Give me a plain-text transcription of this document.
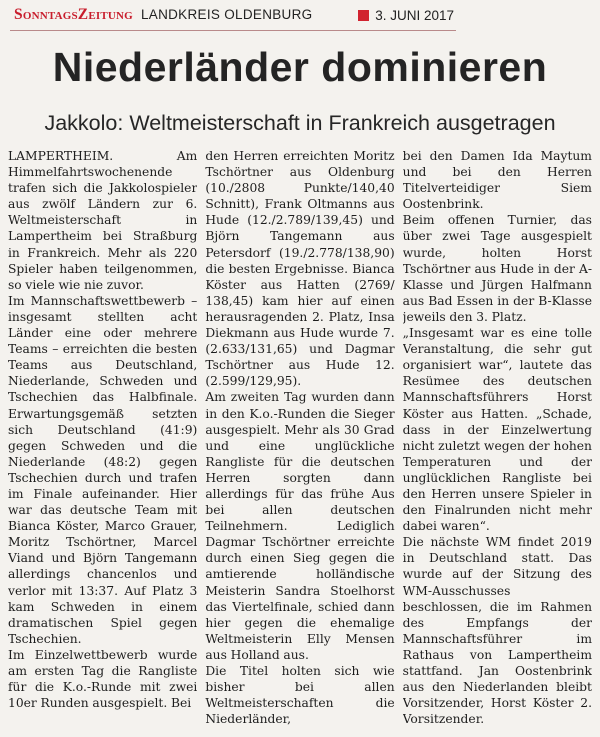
SonntagsZeitung LANDKREIS OLDENBURG	3. JUNI 2017
Niederländer dominieren
Jakkolo: Weltmeisterschaft in Frankreich ausgetragen

LAMPERTHEIM. Am Himmelfahrtswochenende trafen sich die Jakkolospieler aus zwölf Ländern zur 6. Weltmeisterschaft in Lampertheim bei Straßburg in Frankreich. Mehr als 220 Spieler haben teilgenommen, so viele wie nie zuvor.

Im Mannschaftswettbewerb – insgesamt stellten acht Länder eine oder mehrere Teams – erreichten die besten Teams aus Deutschland, Niederlande, Schweden und Tschechien das Halbfinale. Erwartungsgemäß setzten sich Deutschland (41:9) gegen Schweden und die Niederlande (48:2) gegen Tschechien durch und trafen im Finale aufeinander. Hier war das deutsche Team mit Bianca Köster, Marco Grauer, Moritz Tschörtner, Marcel Viand und Björn Tangemann allerdings chancenlos und verlor mit 13:37. Auf Platz 3 kam Schweden in einem dramatischen Spiel gegen Tschechien.

Im Einzelwettbewerb wurde am ersten Tag die Rangliste für die K.o.-Runde mit zwei 10er Runden ausgespielt. Bei

den Herren erreichten Moritz Tschörtner aus Oldenburg (10./2808 Punkte/140,40 Schnitt), Frank Oltmanns aus Hude (12./2.789/139,45) und Björn Tangemann aus Petersdorf (19./2.778/138,90) die besten Ergebnisse. Bianca Köster aus Hatten (2769/ 138,45) kam hier auf einen herausragenden 2. Platz, Insa Diekmann aus Hude wurde 7. (2.633/131,65) und Dagmar Tschörtner aus Hude 12. (2.599/129,95).

Am zweiten Tag wurden dann in den K.o.-Runden die Sieger ausgespielt. Mehr als 30 Grad und eine unglückliche Rangliste für die deutschen Herren sorgten dann allerdings für das frühe Aus bei allen deutschen Teilnehmern. Lediglich Dagmar Tschörtner erreichte durch einen Sieg gegen die amtierende holländische Meisterin Sandra Stoelhorst das Viertelfinale, schied dann hier gegen die ehemalige Weltmeisterin Elly Mensen aus Holland aus.

Die Titel holten sich wie bisher bei allen Weltmeisterschaften die Niederländer,

bei den Damen Ida Maytum und bei den Herren Titelverteidiger Siem Oostenbrink.

Beim offenen Turnier, das über zwei Tage ausgespielt wurde, holten Horst Tschörtner aus Hude in der A-Klasse und Jürgen Halfmann aus Bad Essen in der B-Klasse jeweils den 3. Platz.

„Insgesamt war es eine tolle Veranstaltung, die sehr gut organisiert war“, lautete das Resümee des deutschen Mannschaftsführers Horst Köster aus Hatten. „Schade, dass in der Einzelwertung nicht zuletzt wegen der hohen Temperaturen und der unglücklichen Rangliste bei den Herren unsere Spieler in den Finalrunden nicht mehr dabei waren“.

Die nächste WM findet 2019 in Deutschland statt. Das wurde auf der Sitzung des WM-Ausschusses beschlossen, die im Rahmen des Empfangs der Mannschaftsführer im Rathaus von Lampertheim stattfand. Jan Oostenbrink aus den Niederlanden bleibt Vorsitzender, Horst Köster 2. Vorsitzender.
